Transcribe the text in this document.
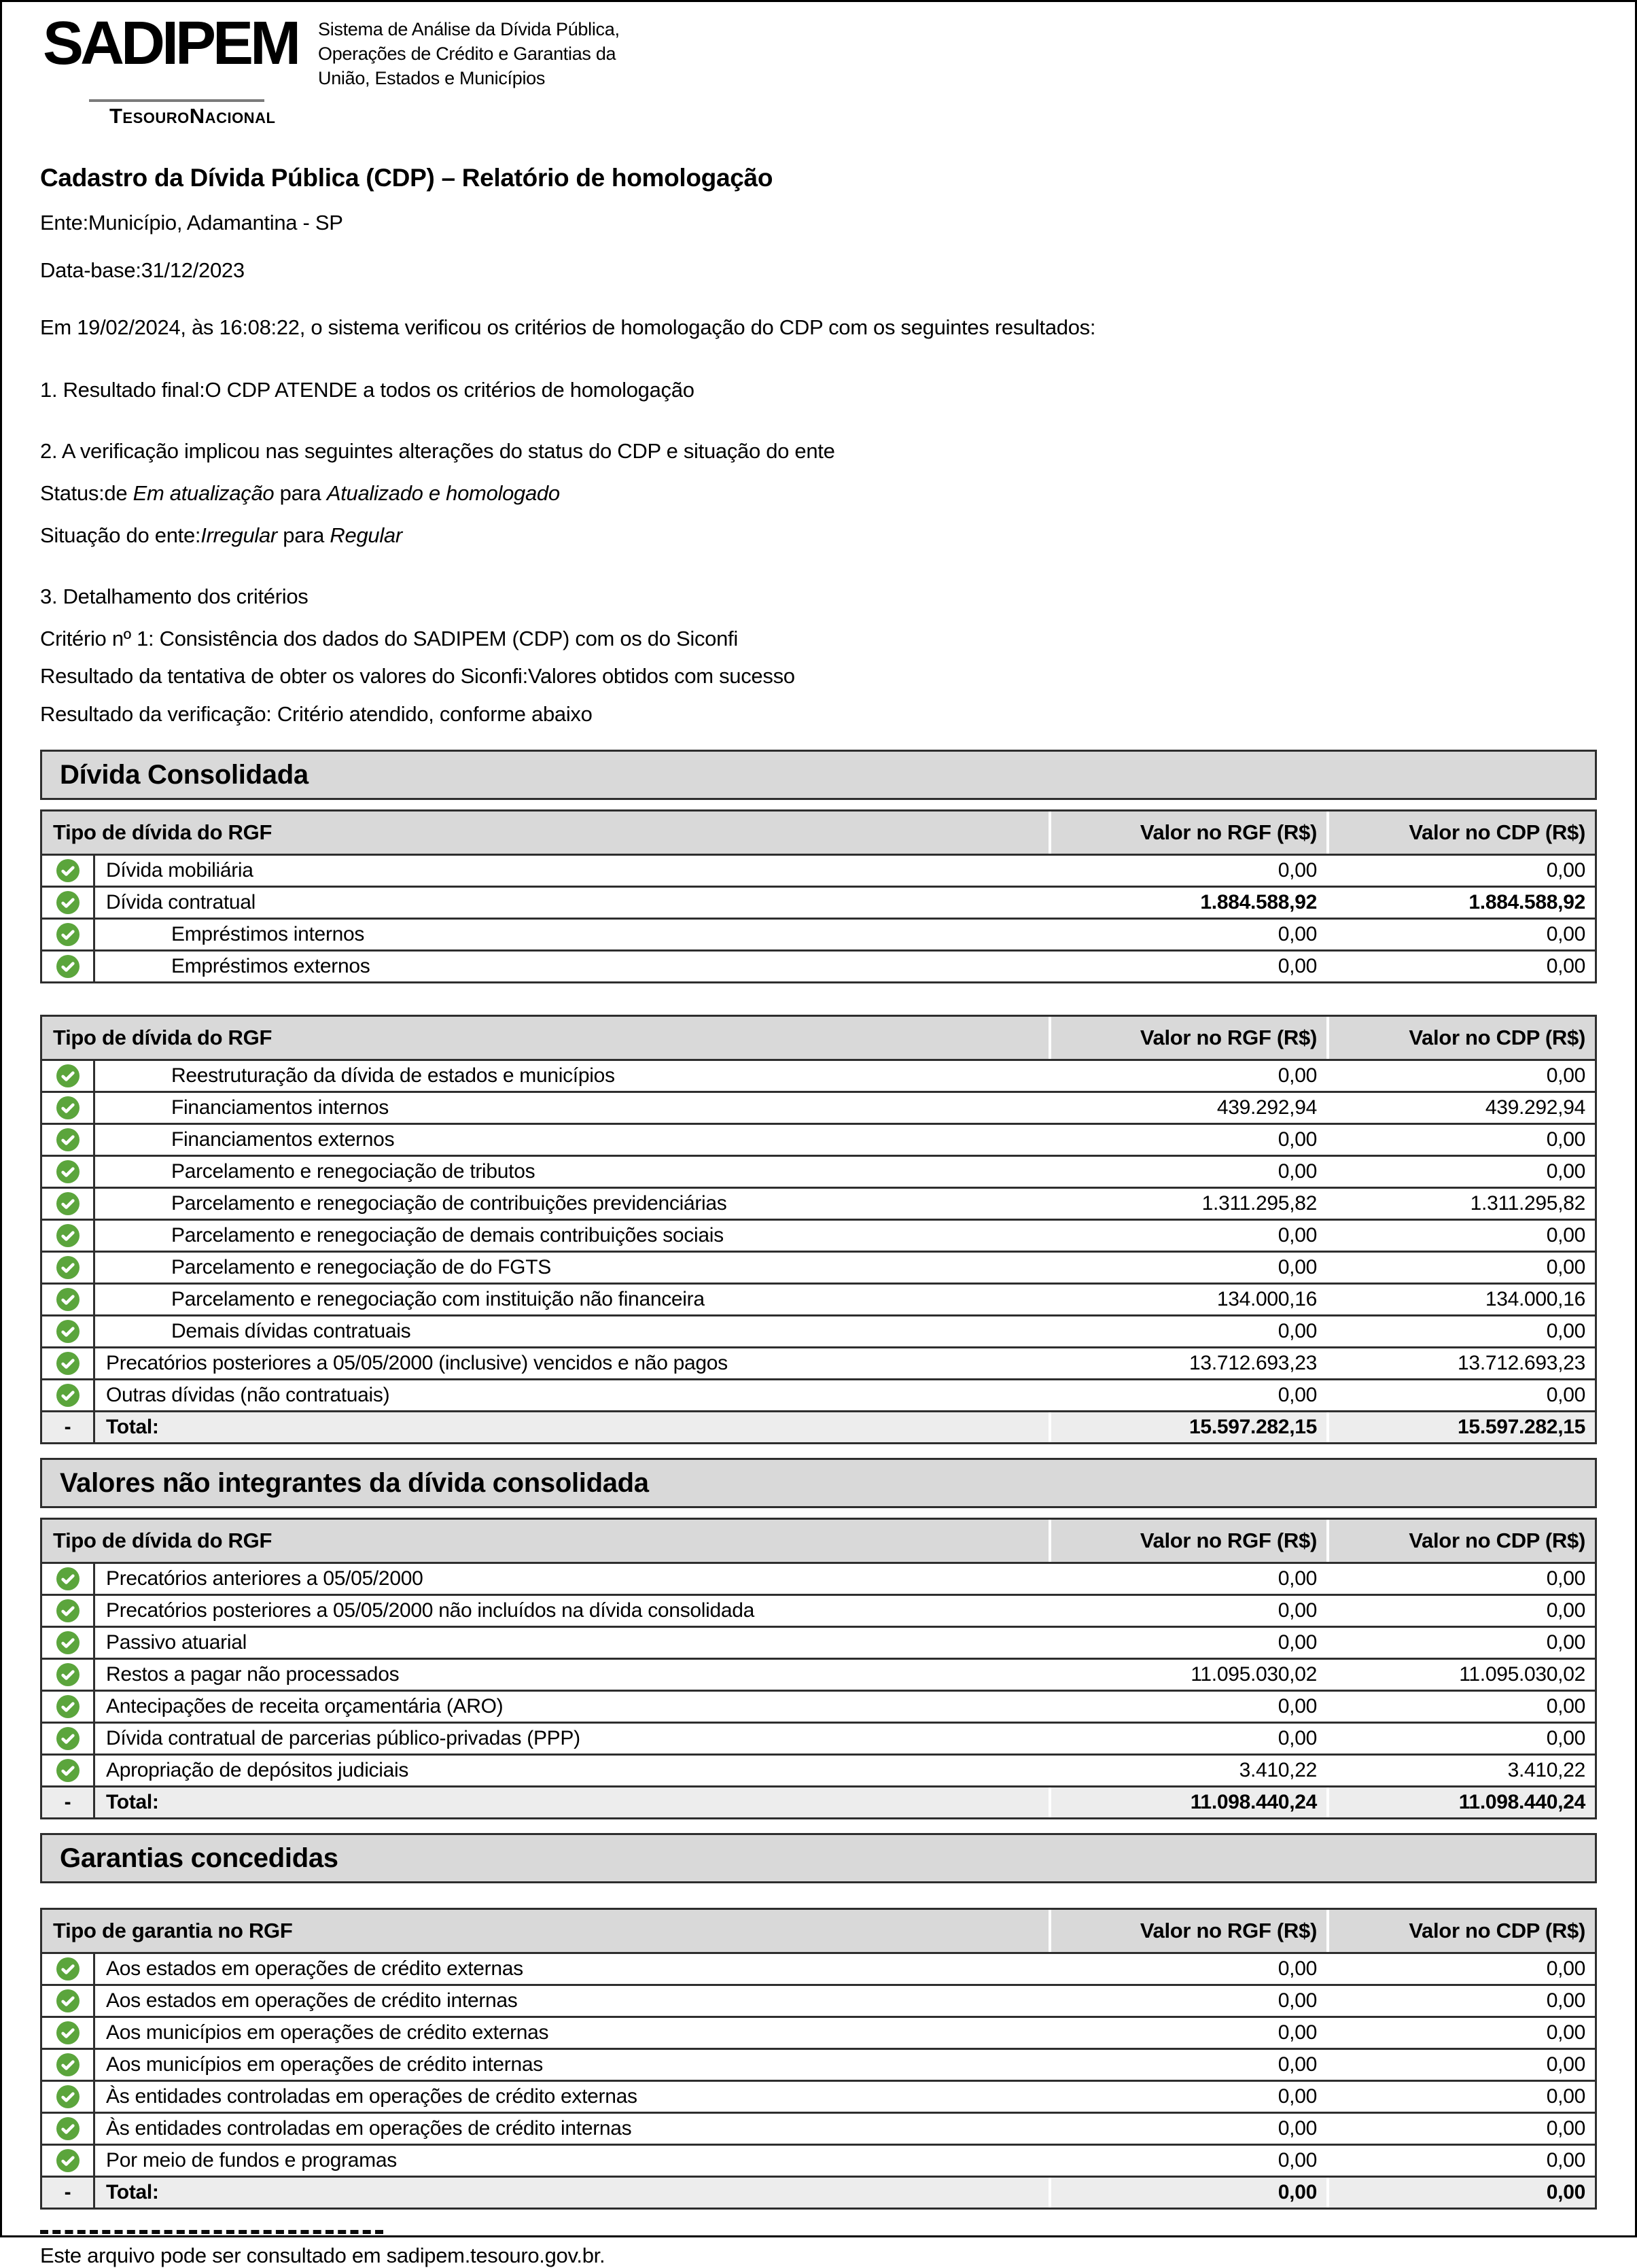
SADIPEM
TesouroNacional
Sistema de Análise da Dívida Pública,
Operações de Crédito e Garantias da
União, Estados e Municípios
Cadastro da Dívida Pública (CDP) – Relatório de homologação

Ente:Município, Adamantina - SP

Data-base:31/12/2023

Em 19/02/2024, às 16:08:22, o sistema verificou os critérios de homologação do CDP com os seguintes resultados:

1. Resultado final:O CDP ATENDE a todos os critérios de homologação

2. A verificação implicou nas seguintes alterações do status do CDP e situação do ente

Status:de Em atualização para Atualizado e homologado

Situação do ente:Irregular para Regular

3. Detalhamento dos critérios

Critério nº 1: Consistência dos dados do SADIPEM (CDP) com os do Siconfi

Resultado da tentativa de obter os valores do Siconfi:Valores obtidos com sucesso

Resultado da verificação: Critério atendido, conforme abaixo

Dívida Consolidada
Tipo de dívida do RGF	Valor no RGF (R$)	Valor no CDP (R$)
Dívida mobiliária	0,00	0,00
Dívida contratual	1.884.588,92	1.884.588,92
Empréstimos internos	0,00	0,00
Empréstimos externos	0,00	0,00
Tipo de dívida do RGF	Valor no RGF (R$)	Valor no CDP (R$)
Reestruturação da dívida de estados e municípios	0,00	0,00
Financiamentos internos	439.292,94	439.292,94
Financiamentos externos	0,00	0,00
Parcelamento e renegociação de tributos	0,00	0,00
Parcelamento e renegociação de contribuições previdenciárias	1.311.295,82	1.311.295,82
Parcelamento e renegociação de demais contribuições sociais	0,00	0,00
Parcelamento e renegociação de do FGTS	0,00	0,00
Parcelamento e renegociação com instituição não financeira	134.000,16	134.000,16
Demais dívidas contratuais	0,00	0,00
Precatórios posteriores a 05/05/2000 (inclusive) vencidos e não pagos	13.712.693,23	13.712.693,23
Outras dívidas (não contratuais)	0,00	0,00
-	Total:	15.597.282,15	15.597.282,15
Valores não integrantes da dívida consolidada
Tipo de dívida do RGF	Valor no RGF (R$)	Valor no CDP (R$)
Precatórios anteriores a 05/05/2000	0,00	0,00
Precatórios posteriores a 05/05/2000 não incluídos na dívida consolidada	0,00	0,00
Passivo atuarial	0,00	0,00
Restos a pagar não processados	11.095.030,02	11.095.030,02
Antecipações de receita orçamentária (ARO)	0,00	0,00
Dívida contratual de parcerias público-privadas (PPP)	0,00	0,00
Apropriação de depósitos judiciais	3.410,22	3.410,22
-	Total:	11.098.440,24	11.098.440,24
Garantias concedidas
Tipo de garantia no RGF	Valor no RGF (R$)	Valor no CDP (R$)
Aos estados em operações de crédito externas	0,00	0,00
Aos estados em operações de crédito internas	0,00	0,00
Aos municípios em operações de crédito externas	0,00	0,00
Aos municípios em operações de crédito internas	0,00	0,00
Às entidades controladas em operações de crédito externas	0,00	0,00
Às entidades controladas em operações de crédito internas	0,00	0,00
Por meio de fundos e programas	0,00	0,00
-	Total:	0,00	0,00

Este arquivo pode ser consultado em sadipem.tesouro.gov.br.
